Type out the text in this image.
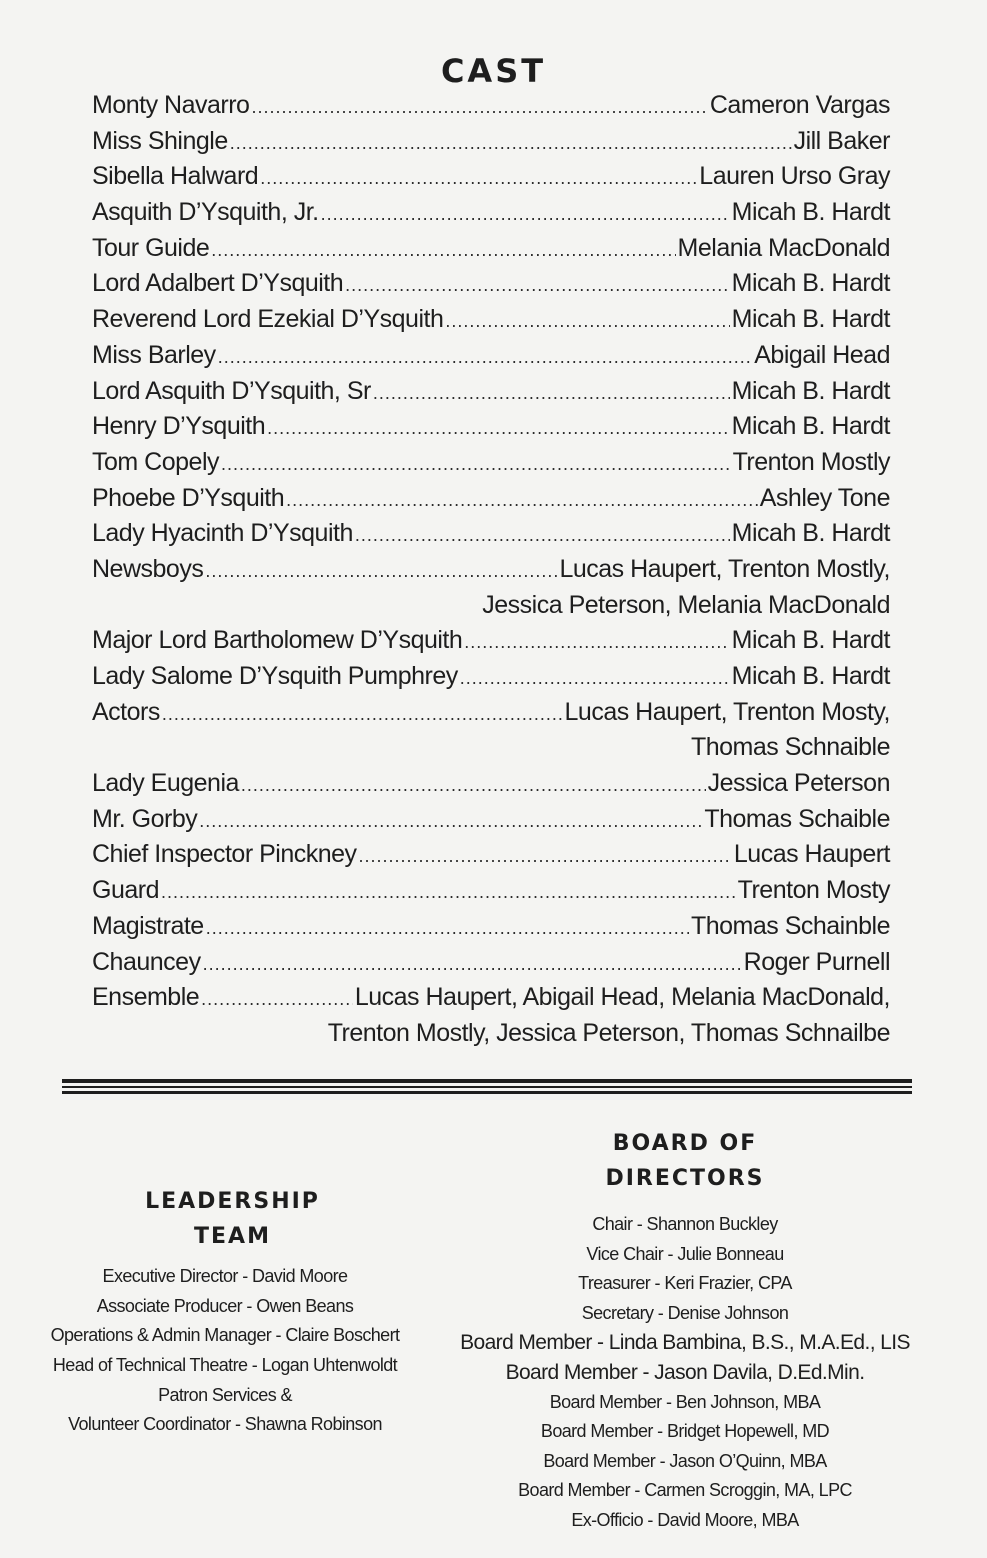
CAST
Monty Navarro .....	Cameron Vargas
Miss Shingle .....	Jill Baker
Sibella Halward .....	Lauren Urso Gray
Asquith D’Ysquith, Jr. .....	Micah B. Hardt
Tour Guide .....	Melania MacDonald
Lord Adalbert D’Ysquith .....	Micah B. Hardt
Reverend Lord Ezekial D’Ysquith .....	Micah B. Hardt
Miss Barley .....	Abigail Head
Lord Asquith D’Ysquith, Sr .....	Micah B. Hardt
Henry D’Ysquith .....	Micah B. Hardt
Tom Copely .....	Trenton Mostly
Phoebe D’Ysquith .....	Ashley Tone
Lady Hyacinth D’Ysquith .....	Micah B. Hardt
Newsboys .....	Lucas Haupert, Trenton Mostly,
Jessica Peterson, Melania MacDonald
Major Lord Bartholomew D’Ysquith .....	Micah B. Hardt
Lady Salome D’Ysquith Pumphrey .....	Micah B. Hardt
Actors .....	Lucas Haupert, Trenton Mosty,
Thomas Schnaible
Lady Eugenia .....	Jessica Peterson
Mr. Gorby .....	Thomas Schaible
Chief Inspector Pinckney .....	Lucas Haupert
Guard .....	Trenton Mosty
Magistrate .....	Thomas Schainble
Chauncey .....	Roger Purnell
Ensemble .....	Lucas Haupert, Abigail Head, Melania MacDonald,
Trenton Mostly, Jessica Peterson, Thomas Schnailbe
LEADERSHIP
TEAM
Executive Director - David Moore
Associate Producer - Owen Beans
Operations & Admin Manager - Claire Boschert
Head of Technical Theatre - Logan Uhtenwoldt
Patron Services &
Volunteer Coordinator - Shawna Robinson
BOARD OF
DIRECTORS
Chair - Shannon Buckley
Vice Chair - Julie Bonneau
Treasurer - Keri Frazier, CPA
Secretary - Denise Johnson
Board Member - Linda Bambina, B.S., M.A.Ed., LIS
Board Member - Jason Davila, D.Ed.Min.
Board Member - Ben Johnson, MBA
Board Member - Bridget Hopewell, MD
Board Member - Jason O’Quinn, MBA
Board Member - Carmen Scroggin, MA, LPC
Ex-Officio - David Moore, MBA
